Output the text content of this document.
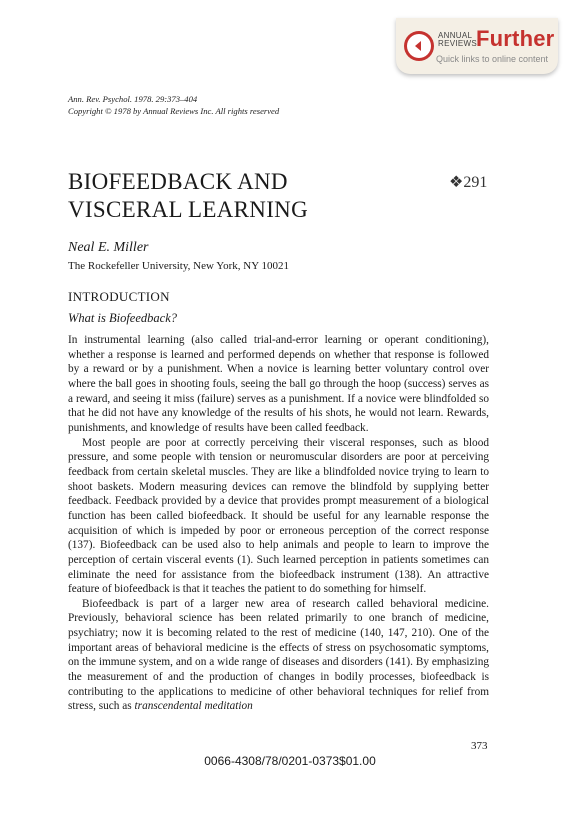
ANNUAL
REVIEWS Further
Quick links to online content
Ann. Rev. Psychol. 1978. 29:373–404
Copyright © 1978 by Annual Reviews Inc. All rights reserved
BIOFEEDBACK AND
VISCERAL LEARNING
❖291
Neal E. Miller
The Rockefeller University, New York, NY 10021
INTRODUCTION
What is Biofeedback?

In instrumental learning (also called trial-and-error learning or operant conditioning), whether a response is learned and performed depends on whether that response is followed by a reward or by a punishment. When a novice is learning better voluntary control over where the ball goes in shooting fouls, seeing the ball go through the hoop (success) serves as a reward, and seeing it miss (failure) serves as a punishment. If a novice were blindfolded so that he did not have any knowledge of the results of his shots, he would not learn. Rewards, punishments, and knowledge of results have been called feedback.

Most people are poor at correctly perceiving their visceral responses, such as blood pressure, and some people with tension or neuromuscular disorders are poor at perceiving feedback from certain skeletal muscles. They are like a blindfolded novice trying to learn to shoot baskets. Modern measuring devices can remove the blindfold by supplying better feedback. Feedback provided by a device that provides prompt measurement of a biological function has been called biofeedback. It should be useful for any learnable response the acquisition of which is impeded by poor or erroneous perception of the correct response (137). Biofeedback can be used also to help animals and people to learn to improve the perception of certain visceral events (1). Such learned perception in patients sometimes can eliminate the need for assistance from the biofeedback instrument (138). An attractive feature of biofeedback is that it teaches the patient to do something for himself.

Biofeedback is part of a larger new area of research called behavioral medicine. Previously, behavioral science has been related primarily to one branch of medicine, psychiatry; now it is becoming related to the rest of medicine (140, 147, 210). One of the important areas of behavioral medicine is the effects of stress on psychosomatic symptoms, on the immune system, and on a wide range of diseases and disorders (141). By emphasizing the measurement of and the production of changes in bodily processes, biofeedback is contributing to the applications to medicine of other behavioral techniques for relief from stress, such as transcendental meditation

373
0066-4308/78/0201-0373$01.00
